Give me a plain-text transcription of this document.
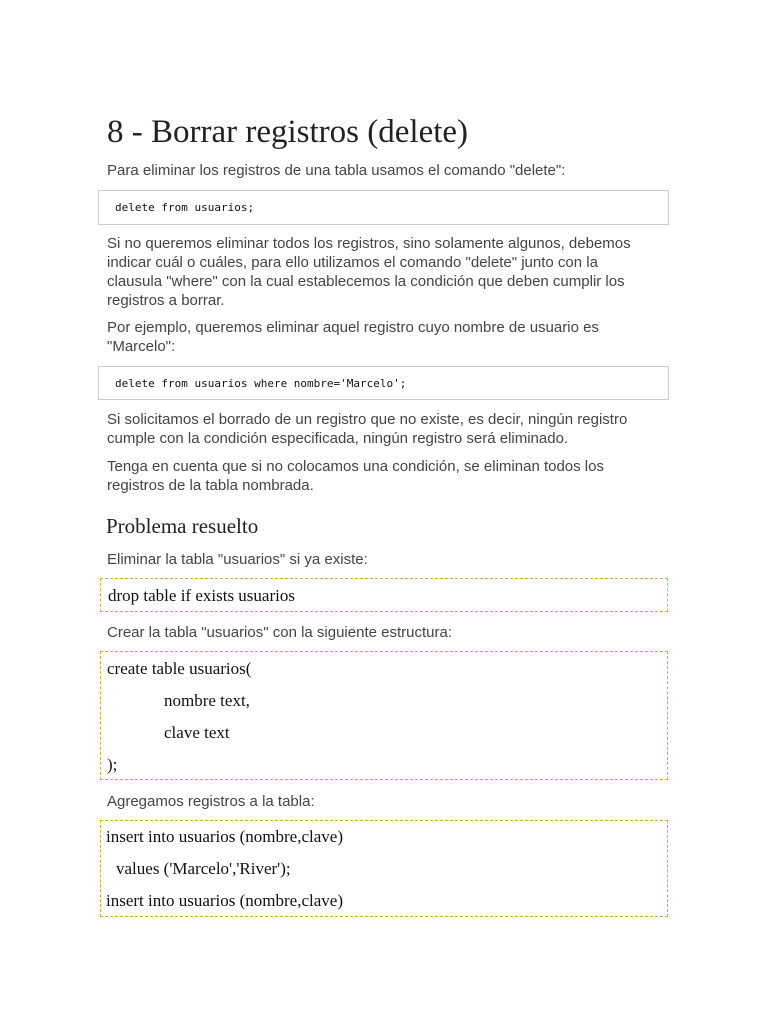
8 - Borrar registros (delete)

Para eliminar los registros de una tabla usamos el comando "delete":

delete from usuarios;

Si no queremos eliminar todos los registros, sino solamente algunos, debemos
indicar cuál o cuáles, para ello utilizamos el comando "delete" junto con la
clausula "where" con la cual establecemos la condición que deben cumplir los
registros a borrar.

Por ejemplo, queremos eliminar aquel registro cuyo nombre de usuario es
"Marcelo":

delete from usuarios where nombre='Marcelo';

Si solicitamos el borrado de un registro que no existe, es decir, ningún registro
cumple con la condición especificada, ningún registro será eliminado.

Tenga en cuenta que si no colocamos una condición, se eliminan todos los
registros de la tabla nombrada.

Problema resuelto

Eliminar la tabla "usuarios" si ya existe:

drop table if exists usuarios

Crear la tabla "usuarios" con la siguiente estructura:

create table usuarios(
nombre text,
clave text
);

Agregamos registros a la tabla:

insert into usuarios (nombre,clave)
values ('Marcelo','River');
insert into usuarios (nombre,clave)
